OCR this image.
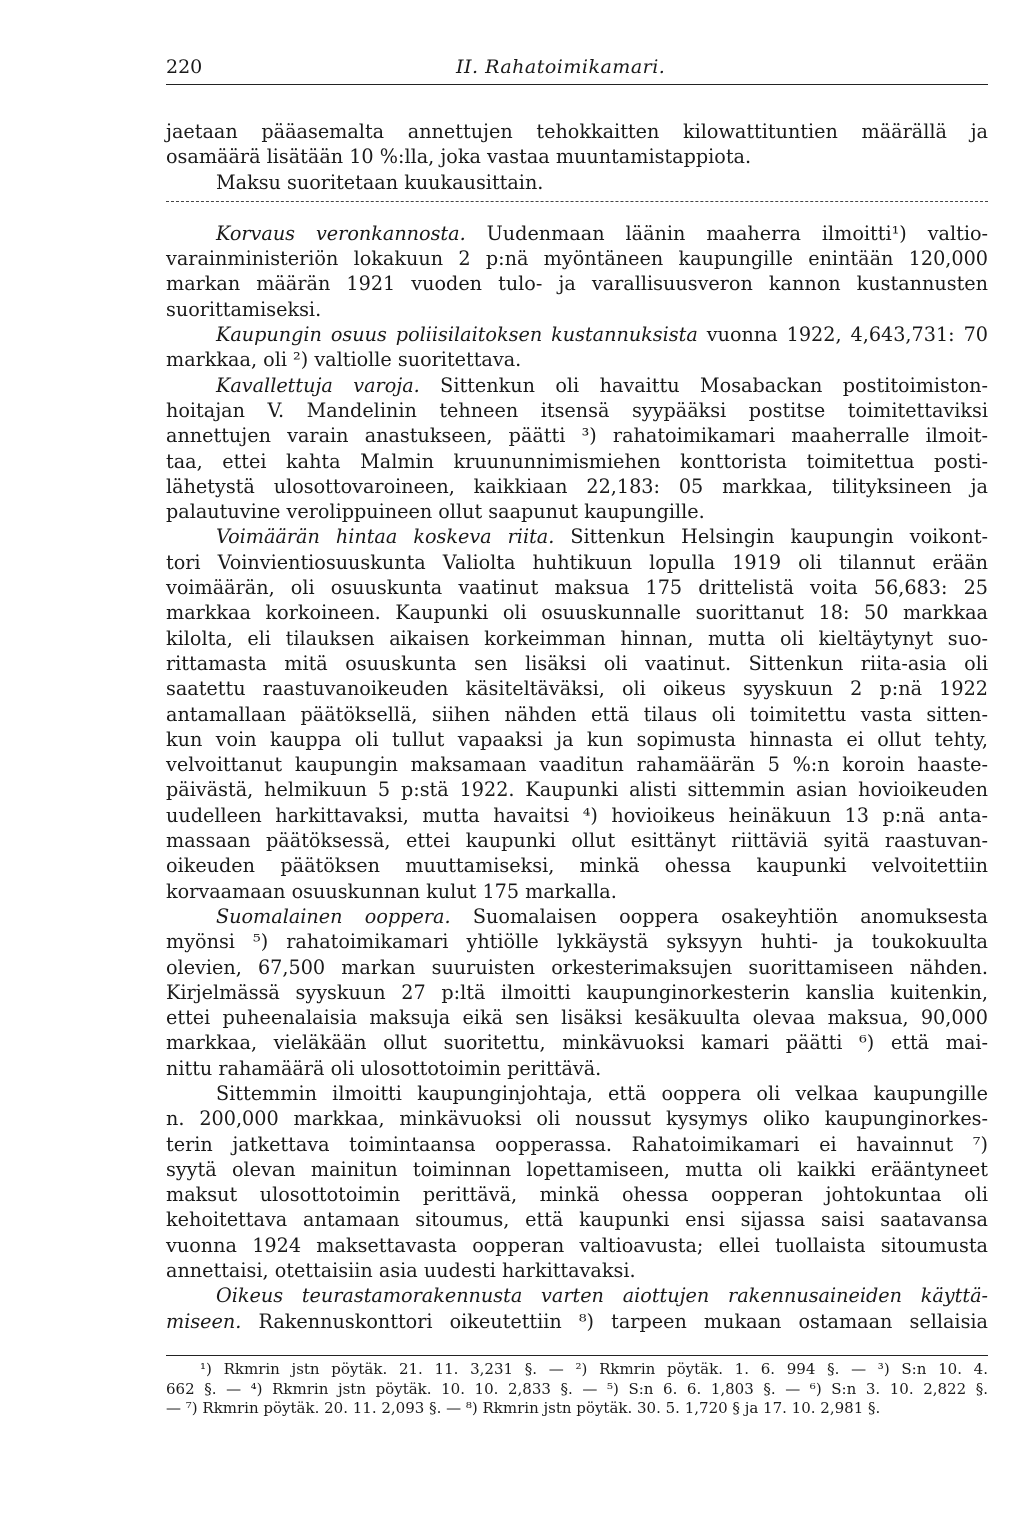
220	II. Rahatoimikamari.
jaetaan pääasemalta annettujen tehokkaitten kilowattituntien määrällä ja
osamäärä lisätään 10 %:lla, joka vastaa muuntamistappiota.
Maksu suoritetaan kuukausittain.
Korvaus veronkannosta. Uudenmaan läänin maaherra ilmoitti¹) valtio-
varainministeriön lokakuun 2 p:nä myöntäneen kaupungille enintään 120,000
markan määrän 1921 vuoden tulo- ja varallisuusveron kannon kustannusten
suorittamiseksi.
Kaupungin osuus poliisilaitoksen kustannuksista vuonna 1922, 4,643,731: 70
markkaa, oli ²) valtiolle suoritettava.
Kavallettuja varoja. Sittenkun oli havaittu Mosabackan postitoimiston-
hoitajan V. Mandelinin tehneen itsensä syypääksi postitse toimitettaviksi
annettujen varain anastukseen, päätti ³) rahatoimikamari maaherralle ilmoit-
taa, ettei kahta Malmin kruununnimismiehen konttorista toimitettua posti-
lähetystä ulosottovaroineen, kaikkiaan 22,183: 05 markkaa, tilityksineen ja
palautuvine verolippuineen ollut saapunut kaupungille.
Voimäärän hintaa koskeva riita. Sittenkun Helsingin kaupungin voikont-
tori Voinvientiosuuskunta Valiolta huhtikuun lopulla 1919 oli tilannut erään
voimäärän, oli osuuskunta vaatinut maksua 175 drittelistä voita 56,683: 25
markkaa korkoineen. Kaupunki oli osuuskunnalle suorittanut 18: 50 markkaa
kilolta, eli tilauksen aikaisen korkeimman hinnan, mutta oli kieltäytynyt suo-
rittamasta mitä osuuskunta sen lisäksi oli vaatinut. Sittenkun riita-asia oli
saatettu raastuvanoikeuden käsiteltäväksi, oli oikeus syyskuun 2 p:nä 1922
antamallaan päätöksellä, siihen nähden että tilaus oli toimitettu vasta sitten-
kun voin kauppa oli tullut vapaaksi ja kun sopimusta hinnasta ei ollut tehty,
velvoittanut kaupungin maksamaan vaaditun rahamäärän 5 %:n koroin haaste-
päivästä, helmikuun 5 p:stä 1922. Kaupunki alisti sittemmin asian hovioikeuden
uudelleen harkittavaksi, mutta havaitsi ⁴) hovioikeus heinäkuun 13 p:nä anta-
massaan päätöksessä, ettei kaupunki ollut esittänyt riittäviä syitä raastuvan-
oikeuden päätöksen muuttamiseksi, minkä ohessa kaupunki velvoitettiin
korvaamaan osuuskunnan kulut 175 markalla.
Suomalainen ooppera. Suomalaisen ooppera osakeyhtiön anomuksesta
myönsi ⁵) rahatoimikamari yhtiölle lykkäystä syksyyn huhti- ja toukokuulta
olevien, 67,500 markan suuruisten orkesterimaksujen suorittamiseen nähden.
Kirjelmässä syyskuun 27 p:ltä ilmoitti kaupunginorkesterin kanslia kuitenkin,
ettei puheenalaisia maksuja eikä sen lisäksi kesäkuulta olevaa maksua, 90,000
markkaa, vieläkään ollut suoritettu, minkävuoksi kamari päätti ⁶) että mai-
nittu rahamäärä oli ulosottotoimin perittävä.
Sittemmin ilmoitti kaupunginjohtaja, että ooppera oli velkaa kaupungille
n. 200,000 markkaa, minkävuoksi oli noussut kysymys oliko kaupunginorkes-
terin jatkettava toimintaansa oopperassa. Rahatoimikamari ei havainnut ⁷)
syytä olevan mainitun toiminnan lopettamiseen, mutta oli kaikki erääntyneet
maksut ulosottotoimin perittävä, minkä ohessa oopperan johtokuntaa oli
kehoitettava antamaan sitoumus, että kaupunki ensi sijassa saisi saatavansa
vuonna 1924 maksettavasta oopperan valtioavusta; ellei tuollaista sitoumusta
annettaisi, otettaisiin asia uudesti harkittavaksi.
Oikeus teurastamorakennusta varten aiottujen rakennusaineiden käyttä-
miseen. Rakennuskonttori oikeutettiin ⁸) tarpeen mukaan ostamaan sellaisia
¹) Rkmrin jstn pöytäk. 21. 11. 3,231 §. — ²) Rkmrin pöytäk. 1. 6. 994 §. — ³) S:n 10. 4.
662 §. — ⁴) Rkmrin jstn pöytäk. 10. 10. 2,833 §. — ⁵) S:n 6. 6. 1,803 §. — ⁶) S:n 3. 10. 2,822 §.
— ⁷) Rkmrin pöytäk. 20. 11. 2,093 §. — ⁸) Rkmrin jstn pöytäk. 30. 5. 1,720 § ja 17. 10. 2,981 §.
